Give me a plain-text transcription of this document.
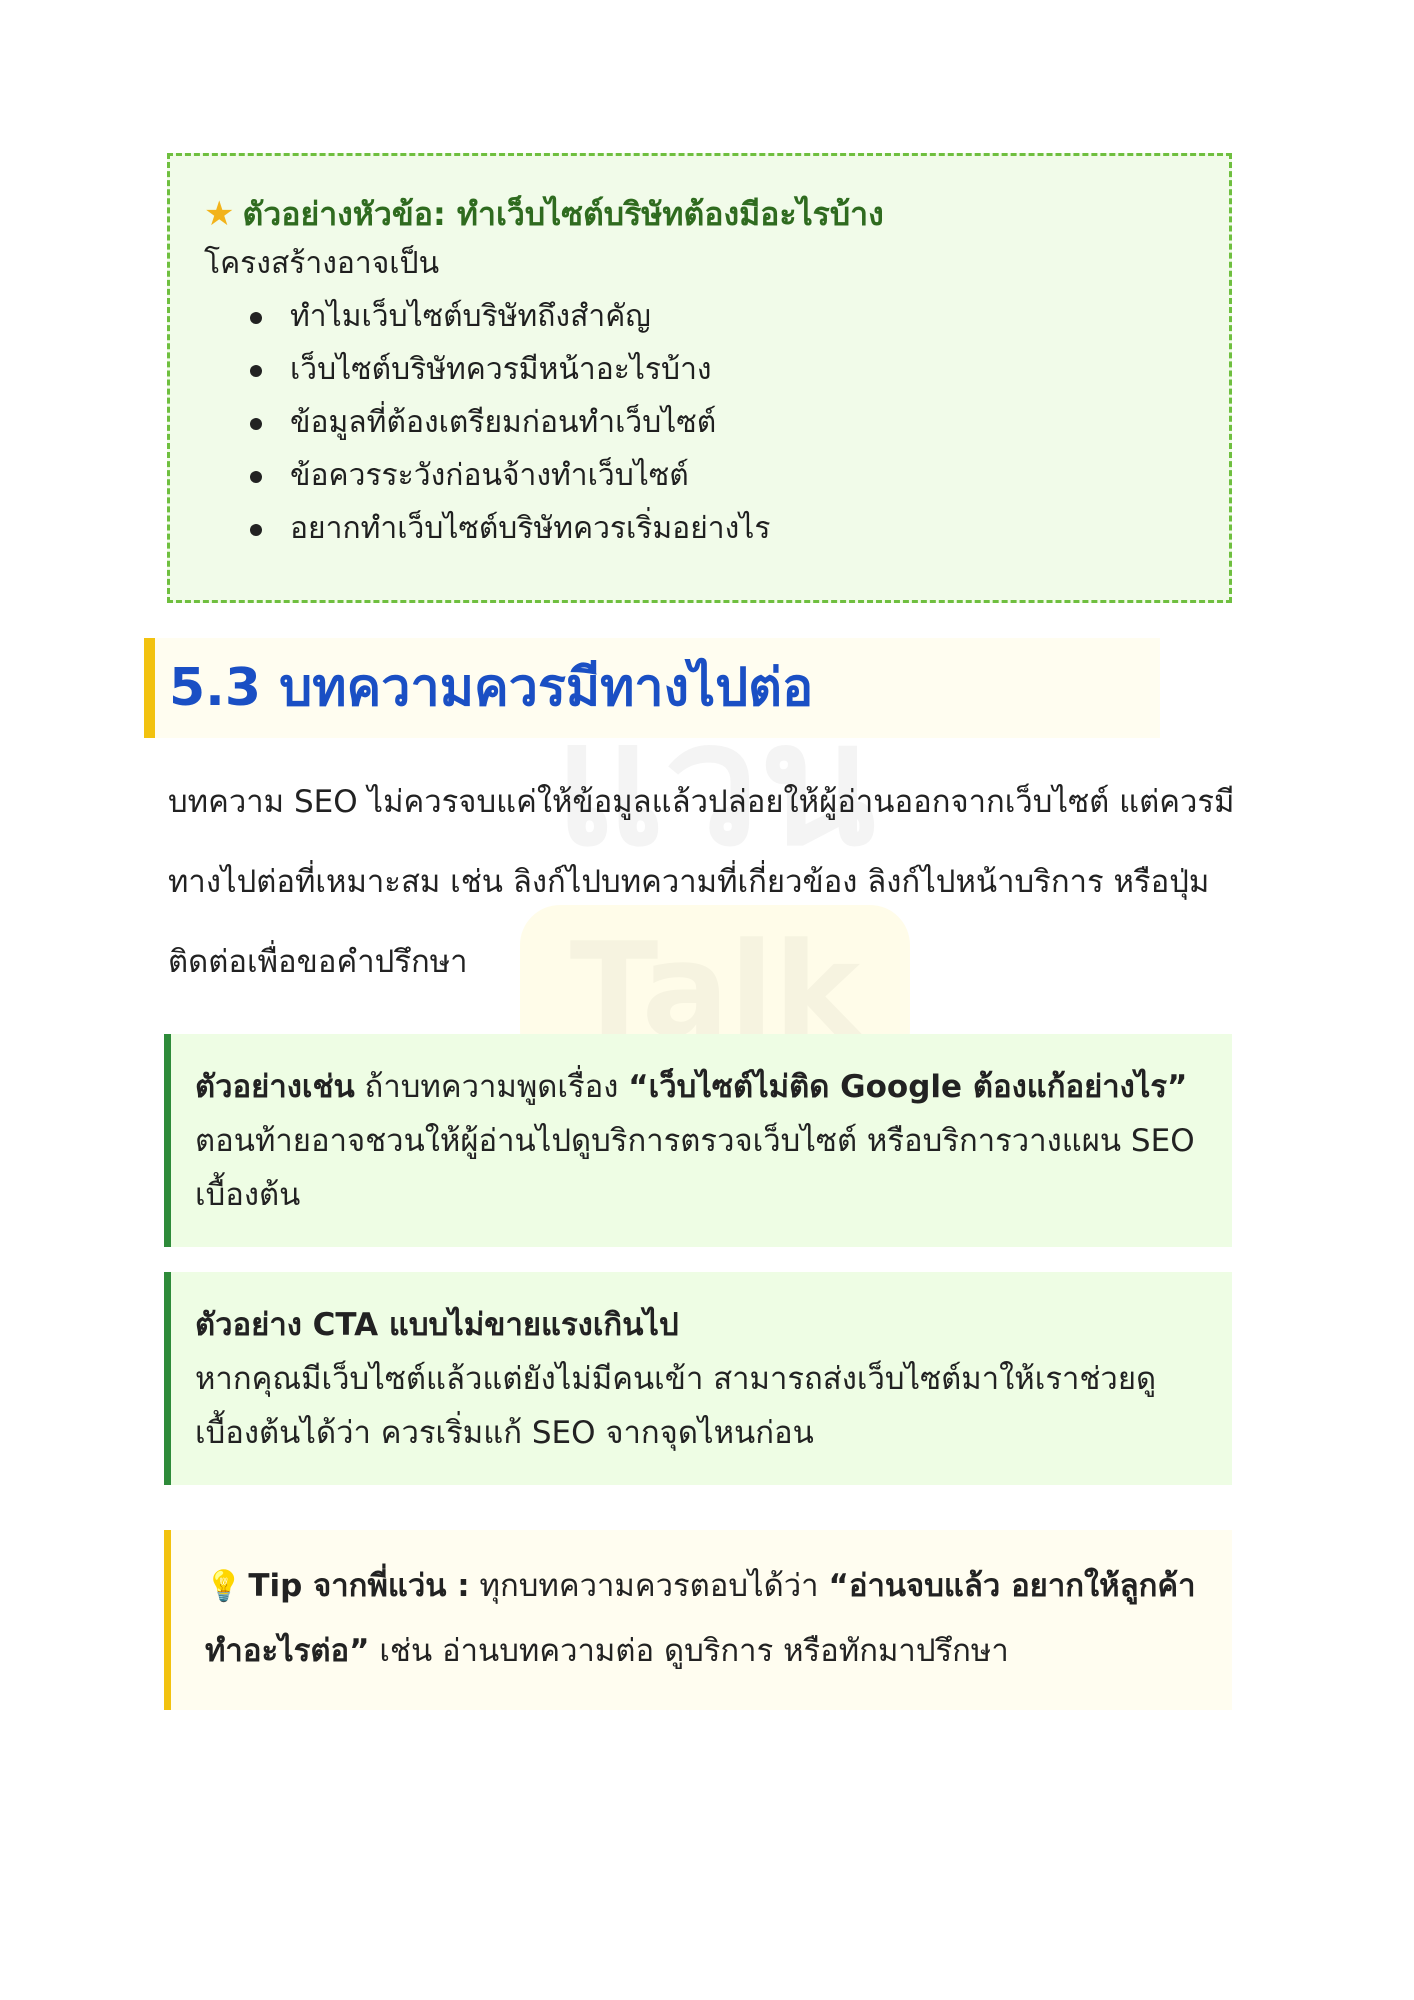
★ ตัวอย่างหัวข้อ: ทำเว็บไซต์บริษัทต้องมีอะไรบ้าง
โครงสร้างอาจเป็น
ทำไมเว็บไซต์บริษัทถึงสำคัญ
เว็บไซต์บริษัทควรมีหน้าอะไรบ้าง
ข้อมูลที่ต้องเตรียมก่อนทำเว็บไซต์
ข้อควรระวังก่อนจ้างทำเว็บไซต์
อยากทำเว็บไซต์บริษัทควรเริ่มอย่างไร
5.3 บทความควรมีทางไปต่อ

บทความ SEO ไม่ควรจบแค่ให้ข้อมูลแล้วปล่อยให้ผู้อ่านออกจากเว็บไซต์ แต่ควรมีทางไปต่อที่เหมาะสม เช่น ลิงก์ไปบทความที่เกี่ยวข้อง ลิงก์ไปหน้าบริการ หรือปุ่มติดต่อเพื่อขอคำปรึกษา

ตัวอย่างเช่น ถ้าบทความพูดเรื่อง “เว็บไซต์ไม่ติด Google ต้องแก้อย่างไร” ตอนท้ายอาจชวนให้ผู้อ่านไปดูบริการตรวจเว็บไซต์ หรือบริการวางแผน SEO เบื้องต้น

ตัวอย่าง CTA แบบไม่ขายแรงเกินไป

หากคุณมีเว็บไซต์แล้วแต่ยังไม่มีคนเข้า สามารถส่งเว็บไซต์มาให้เราช่วยดูเบื้องต้นได้ว่า ควรเริ่มแก้ SEO จากจุดไหนก่อน

💡 Tip จากพี่แว่น : ทุกบทความควรตอบได้ว่า “อ่านจบแล้ว อยากให้ลูกค้าทำอะไรต่อ” เช่น อ่านบทความต่อ ดูบริการ หรือทักมาปรึกษา
